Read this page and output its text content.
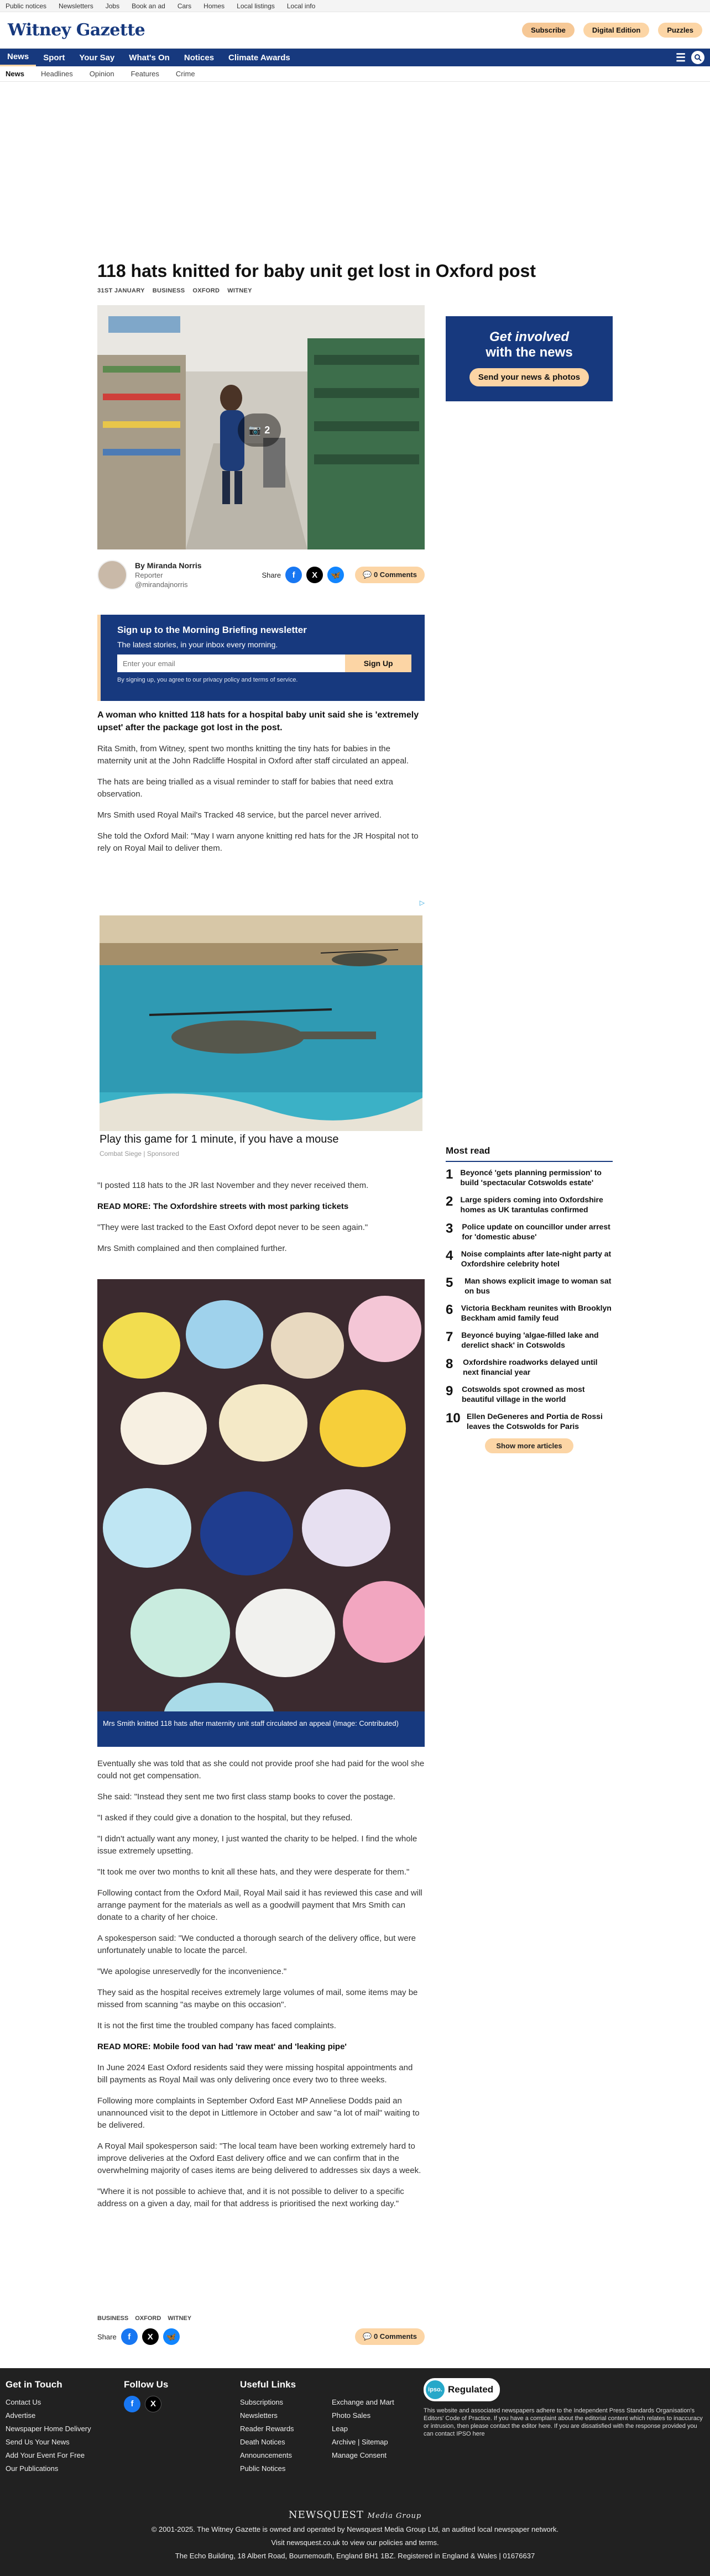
Public notices Newsletters Jobs Book an ad Cars Homes Local listings Local info
Witney Gazette	Subscribe	Digital Edition	Puzzles
News	Sport	Your Say	What's On	Notices	Climate Awards	☰
News Headlines Opinion Features Crime
118 hats knitted for baby unit get lost in Oxford post
31ST JANUARY BUSINESS OXFORD WITNEY
📷 2
By Miranda Norris
Reporter
@mirandajnorris
Share	f	X	🦋	💬 0 Comments
Sign up to the Morning Briefing newsletter

The latest stories, in your inbox every morning.

Enter your email
Sign Up
By signing up, you agree to our privacy policy and terms of service.

A woman who knitted 118 hats for a hospital baby unit said she is 'extremely upset' after the package got lost in the post.

Rita Smith, from Witney, spent two months knitting the tiny hats for babies in the maternity unit at the John Radcliffe Hospital in Oxford after staff circulated an appeal.

The hats are being trialled as a visual reminder to staff for babies that need extra observation.

Mrs Smith used Royal Mail's Tracked 48 service, but the parcel never arrived.

She told the Oxford Mail: "May I warn anyone knitting red hats for the JR Hospital not to rely on Royal Mail to deliver them.

▷
Play this game for 1 minute, if you have a mouse
Combat Siege | Sponsored

"I posted 118 hats to the JR last November and they never received them.

READ MORE: The Oxfordshire streets with most parking tickets

"They were last tracked to the East Oxford depot never to be seen again."

Mrs Smith complained and then complained further.

Mrs Smith knitted 118 hats after maternity unit staff circulated an appeal (Image: Contributed)

Eventually she was told that as she could not provide proof she had paid for the wool she could not get compensation.

She said: "Instead they sent me two first class stamp books to cover the postage.

"I asked if they could give a donation to the hospital, but they refused.

"I didn't actually want any money, I just wanted the charity to be helped. I find the whole issue extremely upsetting.

"It took me over two months to knit all these hats, and they were desperate for them."

Following contact from the Oxford Mail, Royal Mail said it has reviewed this case and will arrange payment for the materials as well as a goodwill payment that Mrs Smith can donate to a charity of her choice.

A spokesperson said: "We conducted a thorough search of the delivery office, but were unfortunately unable to locate the parcel.

"We apologise unreservedly for the inconvenience."

They said as the hospital receives extremely large volumes of mail, some items may be missed from scanning "as maybe on this occasion".

It is not the first time the troubled company has faced complaints.

READ MORE: Mobile food van had 'raw meat' and 'leaking pipe'

In June 2024 East Oxford residents said they were missing hospital appointments and bill payments as Royal Mail was only delivering once every two to three weeks.

Following more complaints in September Oxford East MP Anneliese Dodds paid an unannounced visit to the depot in Littlemore in October and saw "a lot of mail" waiting to be delivered.

A Royal Mail spokesperson said: "The local team have been working extremely hard to improve deliveries at the Oxford East delivery office and we can confirm that in the overwhelming majority of cases items are being delivered to addresses six days a week.

"Where it is not possible to achieve that, and it is not possible to deliver to a specific address on a given a day, mail for that address is prioritised the next working day."

BUSINESS OXFORD WITNEY
Share	f	X	🦋	💬 0 Comments
Get involved
with the news
Send your news & photos
Most read
1 Beyoncé 'gets planning permission' to build 'spectacular Cotswolds estate'
2 Large spiders coming into Oxfordshire homes as UK tarantulas confirmed
3 Police update on councillor under arrest for 'domestic abuse'
4 Noise complaints after late-night party at Oxfordshire celebrity hotel
5	Man shows explicit image to woman sat on bus
6 Victoria Beckham reunites with Brooklyn Beckham amid family feud
7 Beyoncé buying 'algae-filled lake and derelict shack' in Cotswolds
8	Oxfordshire roadworks delayed until next financial year
9 Cotswolds spot crowned as most beautiful village in the world
10 Ellen DeGeneres and Portia de Rossi leaves the Cotswolds for Paris
Show more articles
Get in Touch
Contact Us
Advertise
Newspaper Home Delivery
Send Us Your News
Add Your Event For Free
Our Publications
Follow Us
f	X
Useful Links
Subscriptions
Newsletters
Reader Rewards
Death Notices
Announcements
Public Notices
Exchange and Mart
Photo Sales
Leap
Archive | Sitemap
Manage Consent
ipso. Regulated

This website and associated newspapers adhere to the Independent Press Standards Organisation's Editors' Code of Practice. If you have a complaint about the editorial content which relates to inaccuracy or intrusion, then please contact the editor here. If you are dissatisfied with the response provided you can contact IPSO here

NEWSQUEST Media Group
© 2001-2025. The Witney Gazette is owned and operated by Newsquest Media Group Ltd, an audited local newspaper network.
Visit newsquest.co.uk to view our policies and terms.
The Echo Building, 18 Albert Road, Bournemouth, England BH1 1BZ. Registered in England & Wales | 01676637
